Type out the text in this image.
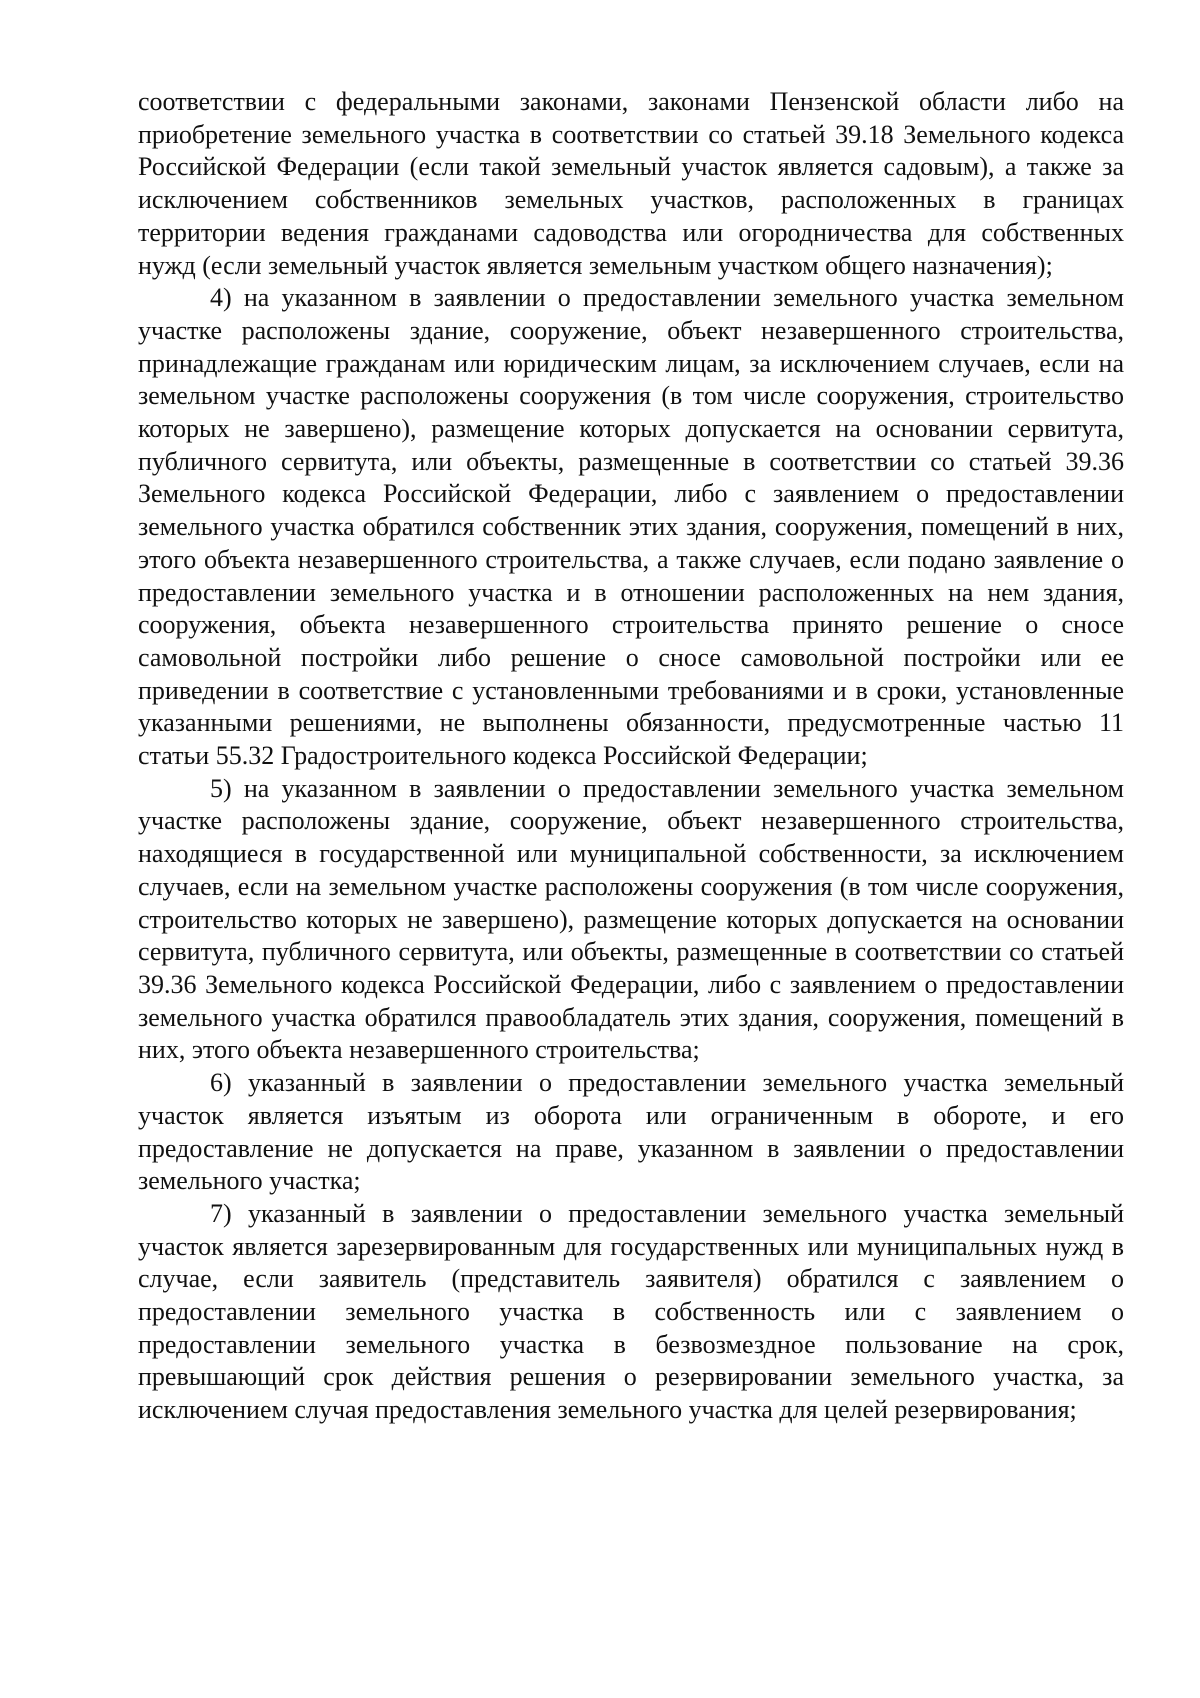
соответствии с федеральными законами, законами Пензенской области либо на приобретение земельного участка в соответствии со статьей 39.18 Земельного кодекса Российской Федерации (если такой земельный участок является садовым), а также за исключением собственников земельных участков, расположенных в границах территории ведения гражданами садоводства или огородничества для собственных нужд (если земельный участок является земельным участком общего назначения);

4) на указанном в заявлении о предоставлении земельного участка земельном участке расположены здание, сооружение, объект незавершенного строительства, принадлежащие гражданам или юридическим лицам, за исключением случаев, если на земельном участке расположены сооружения (в том числе сооружения, строительство которых не завершено), размещение которых допускается на основании сервитута, публичного сервитута, или объекты, размещенные в соответствии со статьей 39.36 Земельного кодекса Российской Федерации, либо с заявлением о предоставлении земельного участка обратился собственник этих здания, сооружения, помещений в них, этого объекта незавершенного строительства, а также случаев, если подано заявление о предоставлении земельного участка и в отношении расположенных на нем здания, сооружения, объекта незавершенного строительства принято решение о сносе самовольной постройки либо решение о сносе самовольной постройки или ее приведении в соответствие с установленными требованиями и в сроки, установленные указанными решениями, не выполнены обязанности, предусмотренные частью 11 статьи 55.32 Градостроительного кодекса Российской Федерации;

5) на указанном в заявлении о предоставлении земельного участка земельном участке расположены здание, сооружение, объект незавершенного строительства, находящиеся в государственной или муниципальной собственности, за исключением случаев, если на земельном участке расположены сооружения (в том числе сооружения, строительство которых не завершено), размещение которых допускается на основании сервитута, публичного сервитута, или объекты, размещенные в соответствии со статьей 39.36 Земельного кодекса Российской Федерации, либо с заявлением о предоставлении земельного участка обратился правообладатель этих здания, сооружения, помещений в них, этого объекта незавершенного строительства;

6) указанный в заявлении о предоставлении земельного участка земельный участок является изъятым из оборота или ограниченным в обороте, и его предоставление не допускается на праве, указанном в заявлении о предоставлении земельного участка;

7) указанный в заявлении о предоставлении земельного участка земельный участок является зарезервированным для государственных или муниципальных нужд в случае, если заявитель (представитель заявителя) обратился с заявлением о предоставлении земельного участка в собственность или с заявлением о предоставлении земельного участка в безвозмездное пользование на срок, превышающий срок действия решения о резервировании земельного участка, за исключением случая предоставления земельного участка для целей резервирования;
